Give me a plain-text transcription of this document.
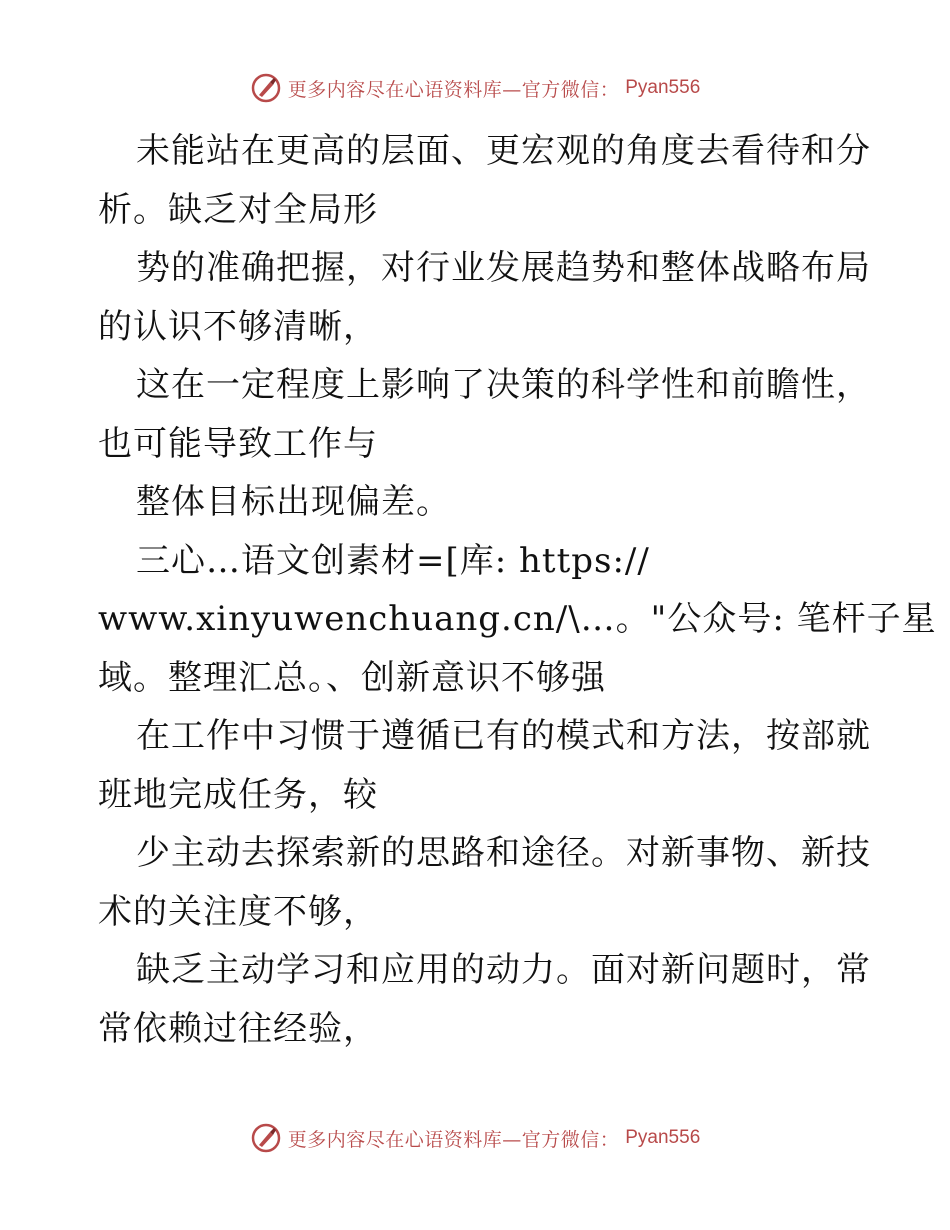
更多内容尽在心语资料库—官方微信： Pyan556
未能站在更高的层面、更宏观的角度去看待和分
析。缺乏对全局形
势的准确把握，对行业发展趋势和整体战略布局
的认识不够清晰，
这在一定程度上影响了决策的科学性和前瞻性，
也可能导致工作与
整体目标出现偏差。
三心…语文创素材=[库: https://
www.xinyuwenchuang.cn/\…。"公众号: 笔杆子星
域。整理汇总。、创新意识不够强
在工作中习惯于遵循已有的模式和方法，按部就
班地完成任务，较
少主动去探索新的思路和途径。对新事物、新技
术的关注度不够，
缺乏主动学习和应用的动力。面对新问题时，常
常依赖过往经验，
更多内容尽在心语资料库—官方微信： Pyan556
